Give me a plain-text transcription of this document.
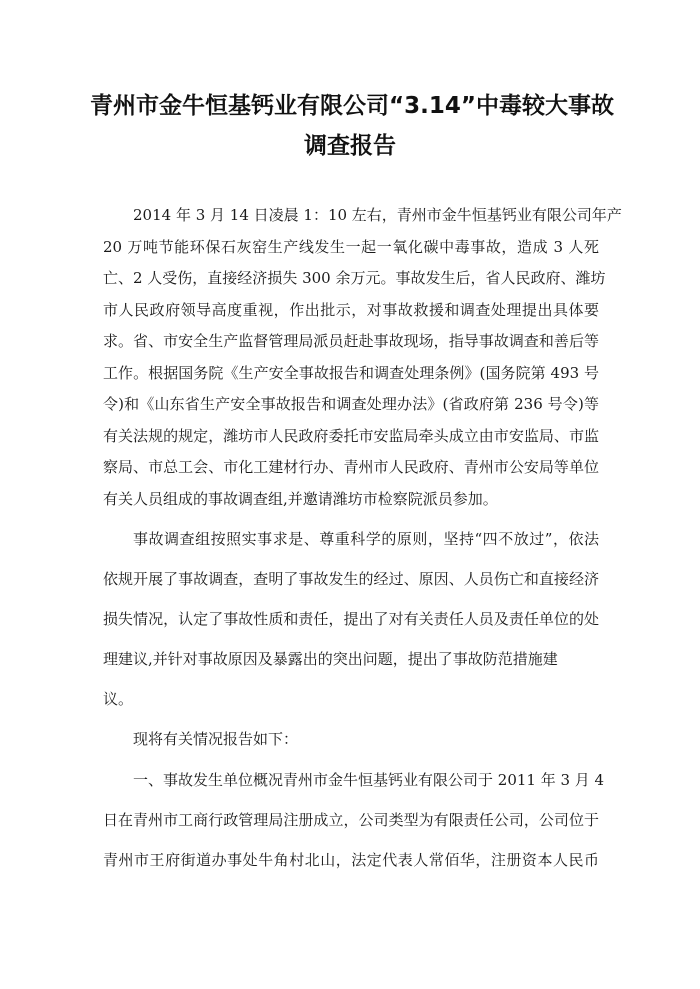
青州市金牛恒基钙业有限公司“3.14”中毒较大事故
调查报告
2014 年 3 月 14 日凌晨 1：10 左右，青州市金牛恒基钙业有限公司年产
20 万吨节能环保石灰窑生产线发生一起一氧化碳中毒事故，造成 3 人死
亡、2 人受伤，直接经济损失 300 余万元。事故发生后，省人民政府、潍坊
市人民政府领导高度重视，作出批示，对事故救援和调查处理提出具体要
求。省、市安全生产监督管理局派员赶赴事故现场，指导事故调查和善后等
工作。根据国务院《生产安全事故报告和调查处理条例》(国务院第 493 号
令)和《山东省生产安全事故报告和调查处理办法》(省政府第 236 号令)等
有关法规的规定，潍坊市人民政府委托市安监局牵头成立由市安监局、市监
察局、市总工会、市化工建材行办、青州市人民政府、青州市公安局等单位
有关人员组成的事故调查组,并邀请潍坊市检察院派员参加。
事故调查组按照实事求是、尊重科学的原则，坚持“四不放过”，依法
依规开展了事故调查，查明了事故发生的经过、原因、人员伤亡和直接经济
损失情况，认定了事故性质和责任，提出了对有关责任人员及责任单位的处
理建议,并针对事故原因及暴露出的突出问题，提出了事故防范措施建
议。
现将有关情况报告如下：
一、事故发生单位概况青州市金牛恒基钙业有限公司于 2011 年 3 月 4
日在青州市工商行政管理局注册成立，公司类型为有限责任公司，公司位于
青州市王府街道办事处牛角村北山，法定代表人常佰华，注册资本人民币
